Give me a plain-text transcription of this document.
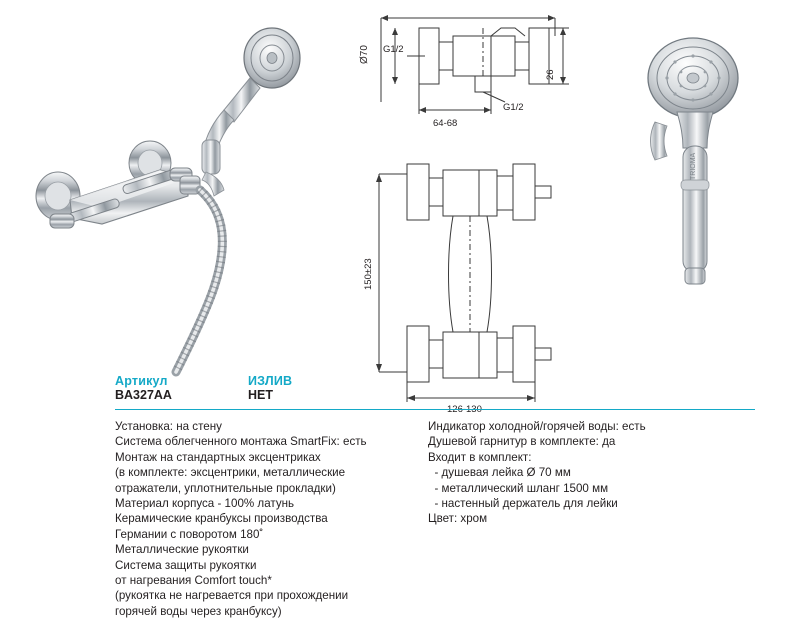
Ø70 G1/2
G1/2
26
64-68
150±23
TRIOMA
Артикул
BA327AA
ИЗЛИВ
НЕТ
Установка: на стену
Система облегченного монтажа SmartFix: есть
Монтаж на стандартных эксцентриках
(в комплекте: эксцентрики, металлические
отражатели, уплотнительные прокладки)
Материал корпуса - 100% латунь
Керамические кранбуксы производства
Германии с поворотом 180˚
Металлические рукоятки
Система защиты рукоятки
от нагревания Comfort touch*
(рукоятка не нагревается при прохождении
горячей воды через кранбуксу)
Индикатор холодной/горячей воды: есть
Душевой гарнитур в комплекте: да
Входит в комплект:
- душевая лейка Ø 70 мм
- металлический шланг 1500 мм
- настенный держатель для лейки
Цвет: хром
